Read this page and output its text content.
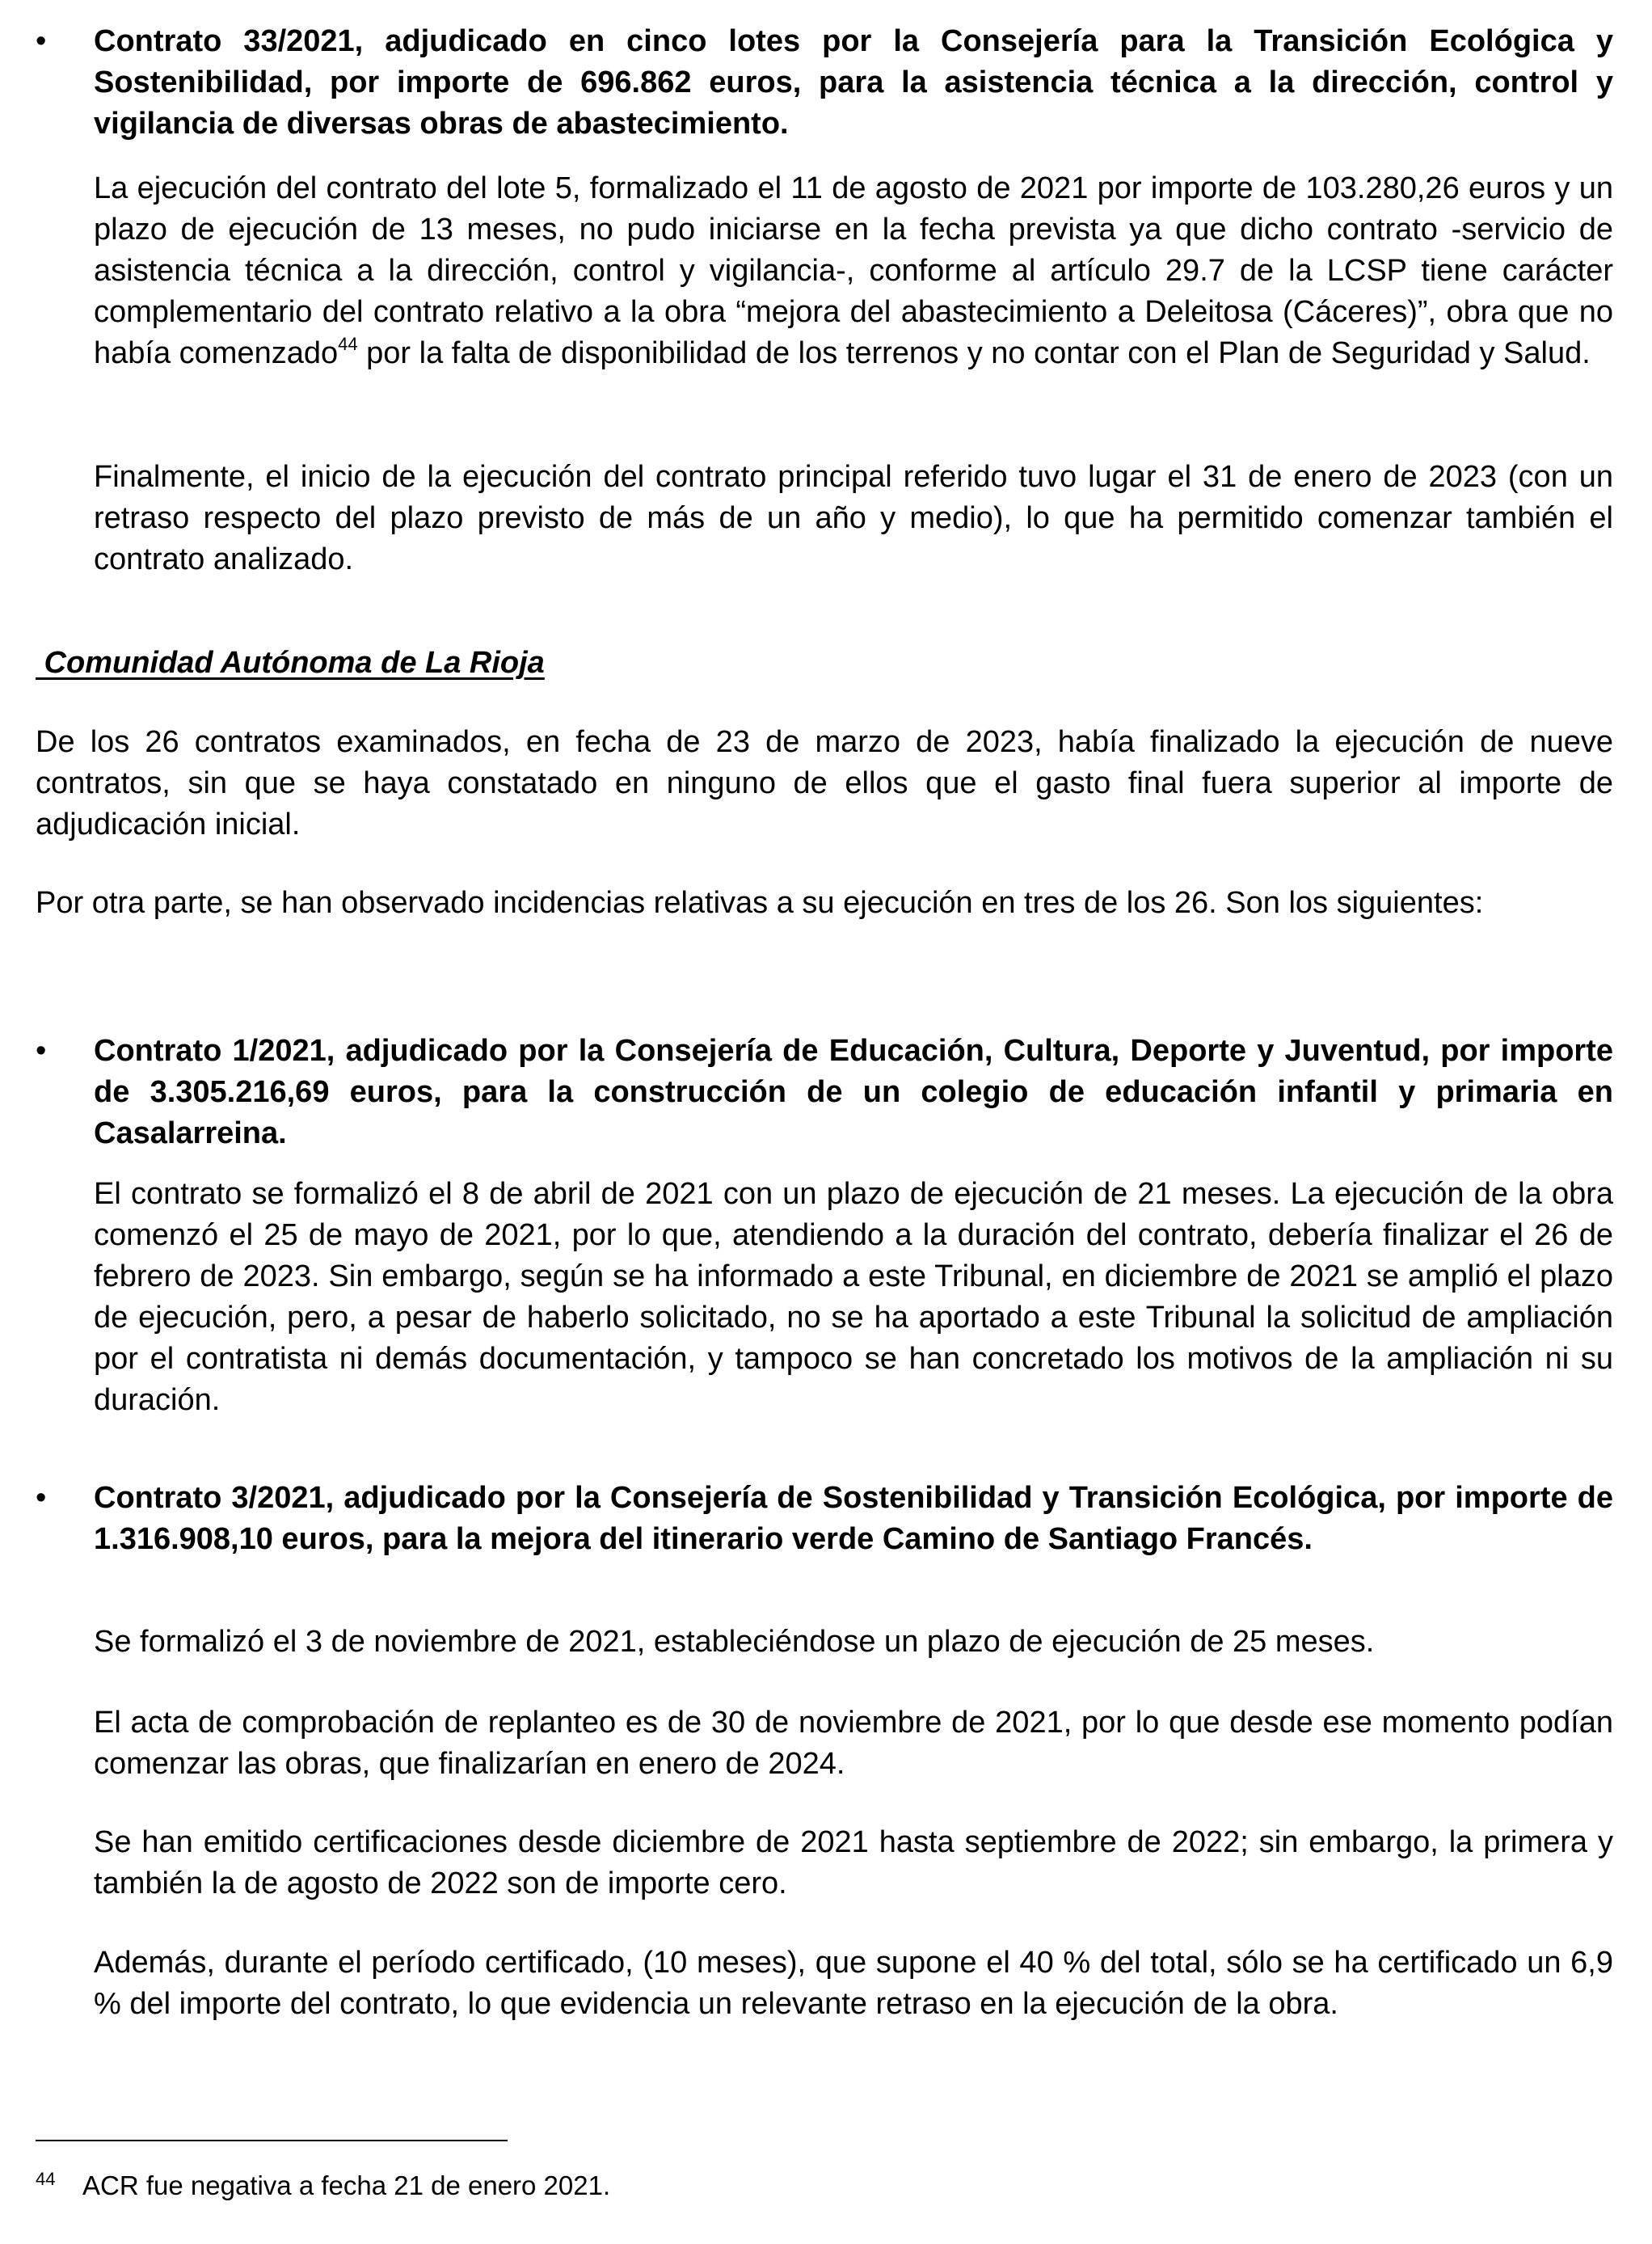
•	Contrato 33/2021, adjudicado en cinco lotes por la Consejería para la Transición Ecológica y Sostenibilidad, por importe de 696.862 euros, para la asistencia técnica a la dirección, control y vigilancia de diversas obras de abastecimiento.
La ejecución del contrato del lote 5, formalizado el 11 de agosto de 2021 por importe de 103.280,26 euros y un plazo de ejecución de 13 meses, no pudo iniciarse en la fecha prevista ya que dicho contrato -servicio de asistencia técnica a la dirección, control y vigilancia-, conforme al artículo 29.7 de la LCSP tiene carácter complementario del contrato relativo a la obra “mejora del abastecimiento a Deleitosa (Cáceres)”, obra que no había comenzado$^{44}$ por la falta de disponibilidad de los terrenos y no contar con el Plan de Seguridad y Salud.
Finalmente, el inicio de la ejecución del contrato principal referido tuvo lugar el 31 de enero de 2023 (con un retraso respecto del plazo previsto de más de un año y medio), lo que ha permitido comenzar también el contrato analizado.
Comunidad Autónoma de La Rioja
De los 26 contratos examinados, en fecha de 23 de marzo de 2023, había finalizado la ejecución de nueve contratos, sin que se haya constatado en ninguno de ellos que el gasto final fuera superior al importe de adjudicación inicial.
Por otra parte, se han observado incidencias relativas a su ejecución en tres de los 26. Son los siguientes:
•	Contrato 1/2021, adjudicado por la Consejería de Educación, Cultura, Deporte y Juventud, por importe de 3.305.216,69 euros, para la construcción de un colegio de educación infantil y primaria en Casalarreina.
El contrato se formalizó el 8 de abril de 2021 con un plazo de ejecución de 21 meses. La ejecución de la obra comenzó el 25 de mayo de 2021, por lo que, atendiendo a la duración del contrato, debería finalizar el 26 de febrero de 2023. Sin embargo, según se ha informado a este Tribunal, en diciembre de 2021 se amplió el plazo de ejecución, pero, a pesar de haberlo solicitado, no se ha aportado a este Tribunal la solicitud de ampliación por el contratista ni demás documentación, y tampoco se han concretado los motivos de la ampliación ni su duración.
•	Contrato 3/2021, adjudicado por la Consejería de Sostenibilidad y Transición Ecológica, por importe de 1.316.908,10 euros, para la mejora del itinerario verde Camino de Santiago Francés.
Se formalizó el 3 de noviembre de 2021, estableciéndose un plazo de ejecución de 25 meses.
El acta de comprobación de replanteo es de 30 de noviembre de 2021, por lo que desde ese momento podían comenzar las obras, que finalizarían en enero de 2024.
Se han emitido certificaciones desde diciembre de 2021 hasta septiembre de 2022; sin embargo, la primera y también la de agosto de 2022 son de importe cero.
Además, durante el período certificado, (10 meses), que supone el 40 % del total, sólo se ha certificado un 6,9 % del importe del contrato, lo que evidencia un relevante retraso en la ejecución de la obra.
44 ACR fue negativa a fecha 21 de enero 2021.
